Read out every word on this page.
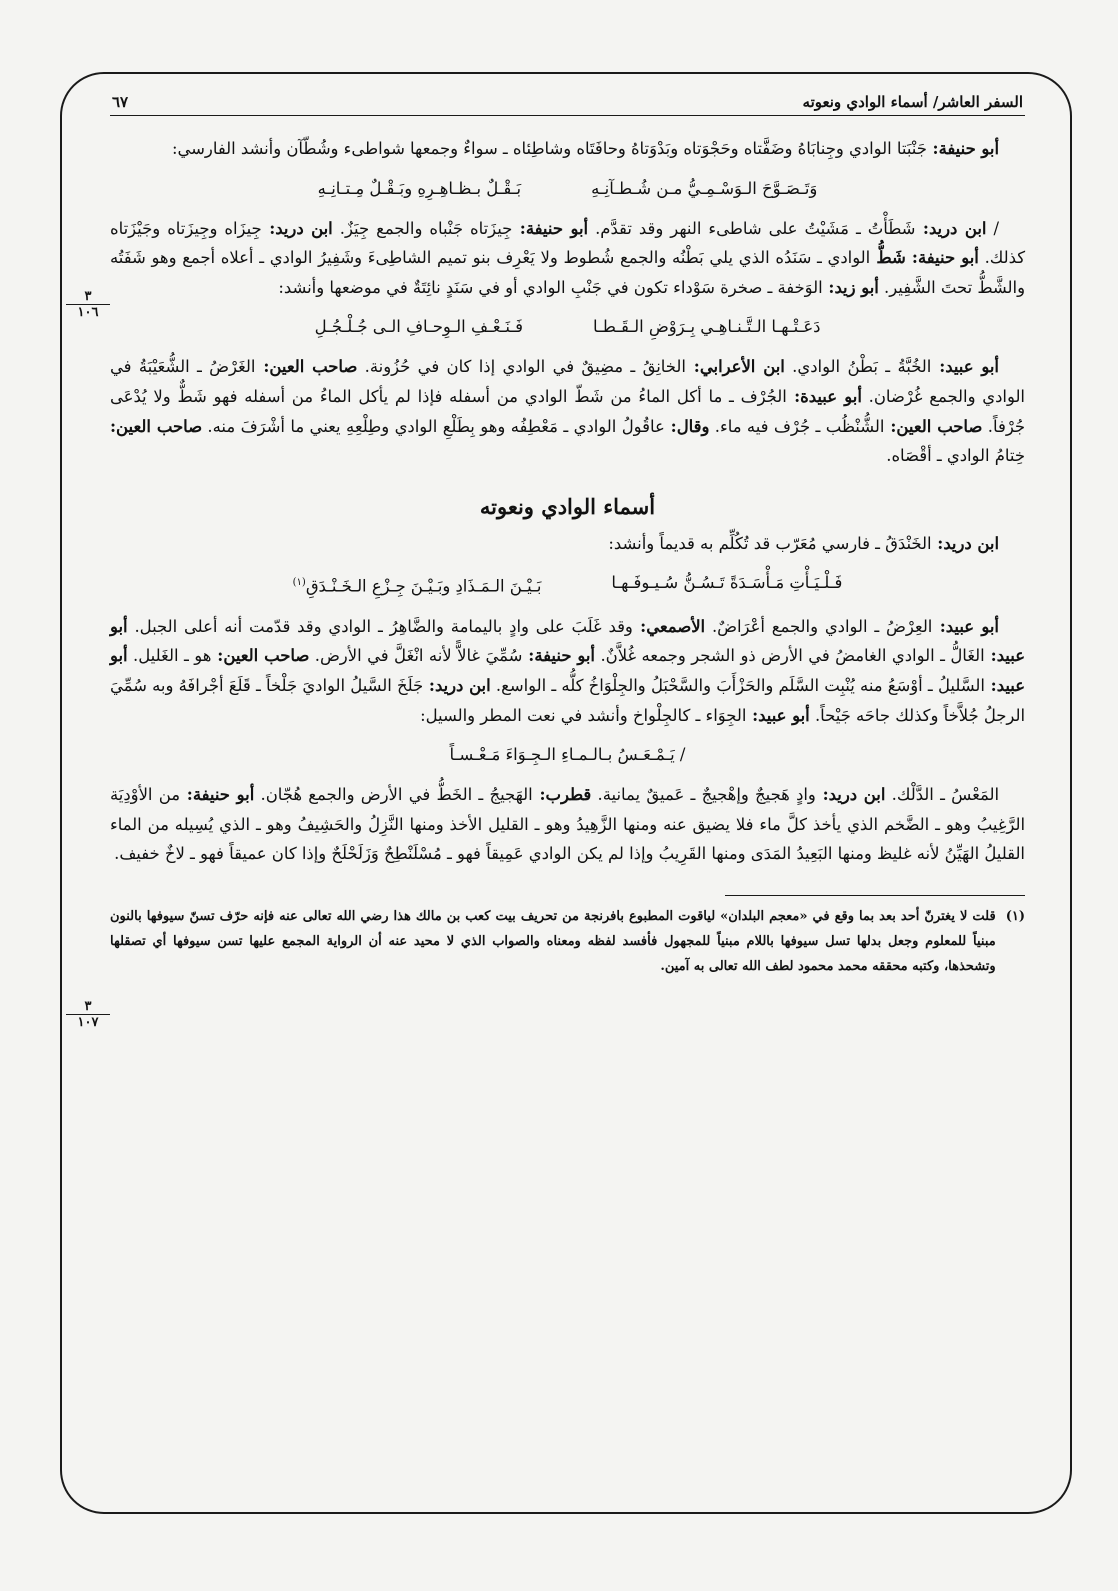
٣
١٠٦
٣
١٠٧
السفر العاشر/ أسماء الوادي ونعوته
٦٧

أبو حنيفة: جَنْبَتا الوادي وجِنابَاهُ وضَفَّتاه وحَجْوَتاه وبَدْوَتاهُ وحافَتَاه وشاطِئاه ـ سواءٌ وجمعها شواطىء وشُطّآن وأنشد الفارسي:

وَتَـصَـوَّحَ الـوَسْـمِـيُّ مـن شُـطـآنِـهِ
بَـقْـلٌ بـظـاهِـرِهِ وبَـقْـلٌ مِـتـانِـهِ

/ ابن دريد: شَطَأْتُ ـ مَشَيْتُ على شاطىء النهر وقد تقدَّم. أبو حنيفة: جِيزَتاه جَنْباه والجمع جِيَزٌ. ابن دريد: جِيزَاه وجِيزَتاه وجَيْزَتاه كذلك. أبو حنيفة: شَطُّ الوادي ـ سَنَدُه الذي يلي بَطْنُه والجمع شُطوط ولا يَعْرِف بنو تميم الشاطِىءَ وشَفِيرُ الوادي ـ أعلاه أجمع وهو شَفَتُه والشَّطُّ تحتَ الشَّفِير. أبو زيد: الوَخفة ـ صخرة سَوْداء تكون في جَنْبِ الوادي أو في سَنَدٍ نائِتَةٌ في موضعها وأنشد:

دَعَـتْـهـا الـتَّـنـاهِـي بِـرَوْضِ الـقَـطـا
فَـنَـعْـفِ الـوِحـافِ الـى جُـلْـجُـلِ

أبو عبيد: الخُبَّةُ ـ بَطْنُ الوادي. ابن الأعرابي: الخانِقُ ـ مضِيقٌ في الوادي إذا كان في حُزُونة. صاحب العين: الغَرْضُ ـ الشُّعَيْبَةُ في الوادي والجمع غُرْضان. أبو عبيدة: الجُرْف ـ ما أكل الماءُ من شَطّ الوادي من أسفله فإذا لم يأكل الماءُ من أسفله فهو شَطٌّ ولا يُدْعَى جُرْفاً. صاحب العين: الشُّنْظُب ـ جُرْف فيه ماء. وقال: عاقُولُ الوادي ـ مَعْطِفُه وهو بِطَلْعِ الوادي وطِلْعِهِ يعني ما أشْرَفَ منه. صاحب العين: خِتامُ الوادي ـ أقْصَاه.

أسماء الوادي ونعوته

ابن دريد: الخَنْدَقُ ـ فارسي مُعَرّب قد تُكُلِّم به قديماً وأنشد:

فَـلْـيَـأْتِ مَـأْسَـدَةً تَـسُـنُّ سُـيـوفَـهـا
بَـيْـنَ الـمَـذَادِ وبَـيْـنَ جِـزْعِ الـخَـنْـدَقِ$^{(١)}$

أبو عبيد: العِرْضُ ـ الوادي والجمع أعْرَاضٌ. الأصمعي: وقد غَلَبَ على وادٍ باليمامة والضَّاهِرُ ـ الوادي وقد قدّمت أنه أعلى الجبل. أبو عبيد: الغَالُّ ـ الوادي الغامضُ في الأرض ذو الشجر وجمعه غُلاَّنٌ. أبو حنيفة: سُمِّيَ غالاًّ لأنه انْغَلَّ في الأرض. صاحب العين: هو ـ الغَليل. أبو عبيد: السَّليلُ ـ أوْسَعُ منه يُنْبِت السَّلَم والحَزْأَبَ والسَّحْبَلُ والجِلْوَاخُ كلُّه ـ الواسع. ابن دريد: جَلَخَ السَّيلُ الواديَ جَلْخاً ـ قَلَعَ أجْرافَهُ وبه سُمِّيَ الرجلُ جُلاَّخاً وكذلك جاحَه جَيْحاً. أبو عبيد: الجِوَاء ـ كالجِلْواخ وأنشد في نعت المطر والسيل:

/ يَـمْـعَـسُ بـالـمـاءِ الـجِـوَاءَ مَـعْـسـاً

المَعْسُ ـ الدَّلْك. ابن دريد: وادٍ هَجيجٌ وإهْجيجٌ ـ عَميقٌ يمانية. قطرب: الهَجيجُ ـ الخَطُّ في الأرض والجمع هُجّان. أبو حنيفة: من الأوْدِيَة الرَّغِيبُ وهو ـ الضَّخم الذي يأخذ كلَّ ماء فلا يضيق عنه ومنها الزَّهِيدُ وهو ـ القليل الأخذ ومنها النَّزِلُ والحَشِيفُ وهو ـ الذي يُسِيله من الماء القليلُ الهَيِّنُ لأنه غليظ ومنها البَعِيدُ المَدَى ومنها القَرِيبُ وإذا لم يكن الوادي عَمِيقاً فهو ـ مُسْلَنْطِحٌ وَزَلَحْلَحٌ وإذا كان عميقاً فهو ـ لاخٌ خفيف.

(١)
قلت لا يغترنّ أحد بعد بما وقع في «معجم البلدان» لياقوت المطبوع بافرنجة من تحريف بيت كعب بن مالك هذا رضي الله تعالى عنه فإنه حرّف تسنّ سيوفها بالنون مبنياً للمعلوم وجعل بدلها تسل سيوفها باللام مبنياً للمجهول فأفسد لفظه ومعناه والصواب الذي لا محيد عنه أن الرواية المجمع عليها تسن سيوفها أي تصقلها وتشحذها، وكتبه محققه محمد محمود لطف الله تعالى به آمين.
